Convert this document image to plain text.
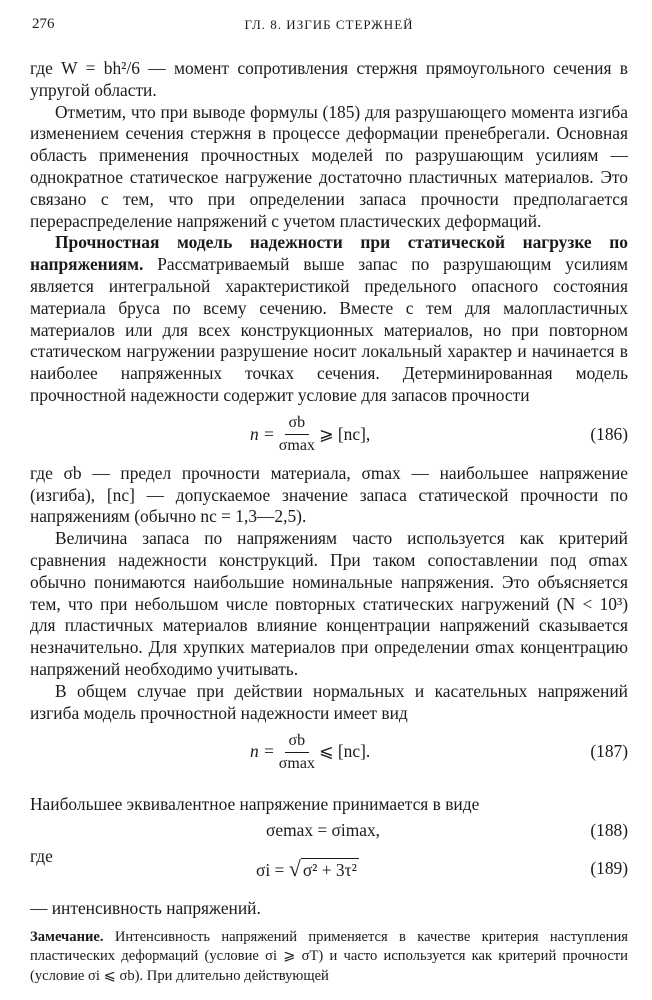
276	ГЛ. 8. ИЗГИБ СТЕРЖНЕЙ

где W = bh²/6 — момент сопротивления стержня прямоугольного сечения в упругой области.

Отметим, что при выводе формулы (185) для разрушающего момента изгиба изменением сечения стержня в процессе деформации пренебрегали. Основная область применения прочностных моделей по разрушающим усилиям — однократное статическое нагружение достаточно пластичных материалов. Это связано с тем, что при определении запаса прочности предполагается перераспределение напряжений с учетом пластических деформаций.

Прочностная модель надежности при статической нагрузке по напряжениям. Рассматриваемый выше запас по разрушающим усилиям является интегральной характеристикой предельного опасного состояния материала бруса по всему сечению. Вместе с тем для малопластичных материалов или для всех конструкционных материалов, но при повторном статическом нагружении разрушение носит локальный характер и начинается в наиболее напряженных точках сечения. Детерминированная модель прочностной надежности содержит условие для запасов прочности

$n = \frac{\sigma b}{\sigma\max}$ ⩾ [nc],	(186)

где σb — предел прочности материала, σmax — наибольшее напряжение (изгиба), [nc] — допускаемое значение запаса статической прочности по напряжениям (обычно nc = 1,3—2,5).

Величина запаса по напряжениям часто используется как критерий сравнения надежности конструкций. При таком сопоставлении под σmax обычно понимаются наибольшие номинальные напряжения. Это объясняется тем, что при небольшом числе повторных статических нагружений (N < 10³) для пластичных материалов влияние концентрации напряжений сказывается незначительно. Для хрупких материалов при определении σmax концентрацию напряжений необходимо учитывать.

В общем случае при действии нормальных и касательных напряжений изгиба модель прочностной надежности имеет вид

$n = \frac{\sigma b}{\sigma\max}$ ⩽ [nc].	(187)

Наибольшее эквивалентное напряжение принимается в виде

σemax = σimax,	(188)

где

σi = √ σ² + 3τ²	(189)

— интенсивность напряжений.

Замечание. Интенсивность напряжений применяется в качестве критерия наступления пластических деформаций (условие σi ⩾ σT) и часто используется как критерий прочности (условие σi ⩽ σb). При длительно действующей
